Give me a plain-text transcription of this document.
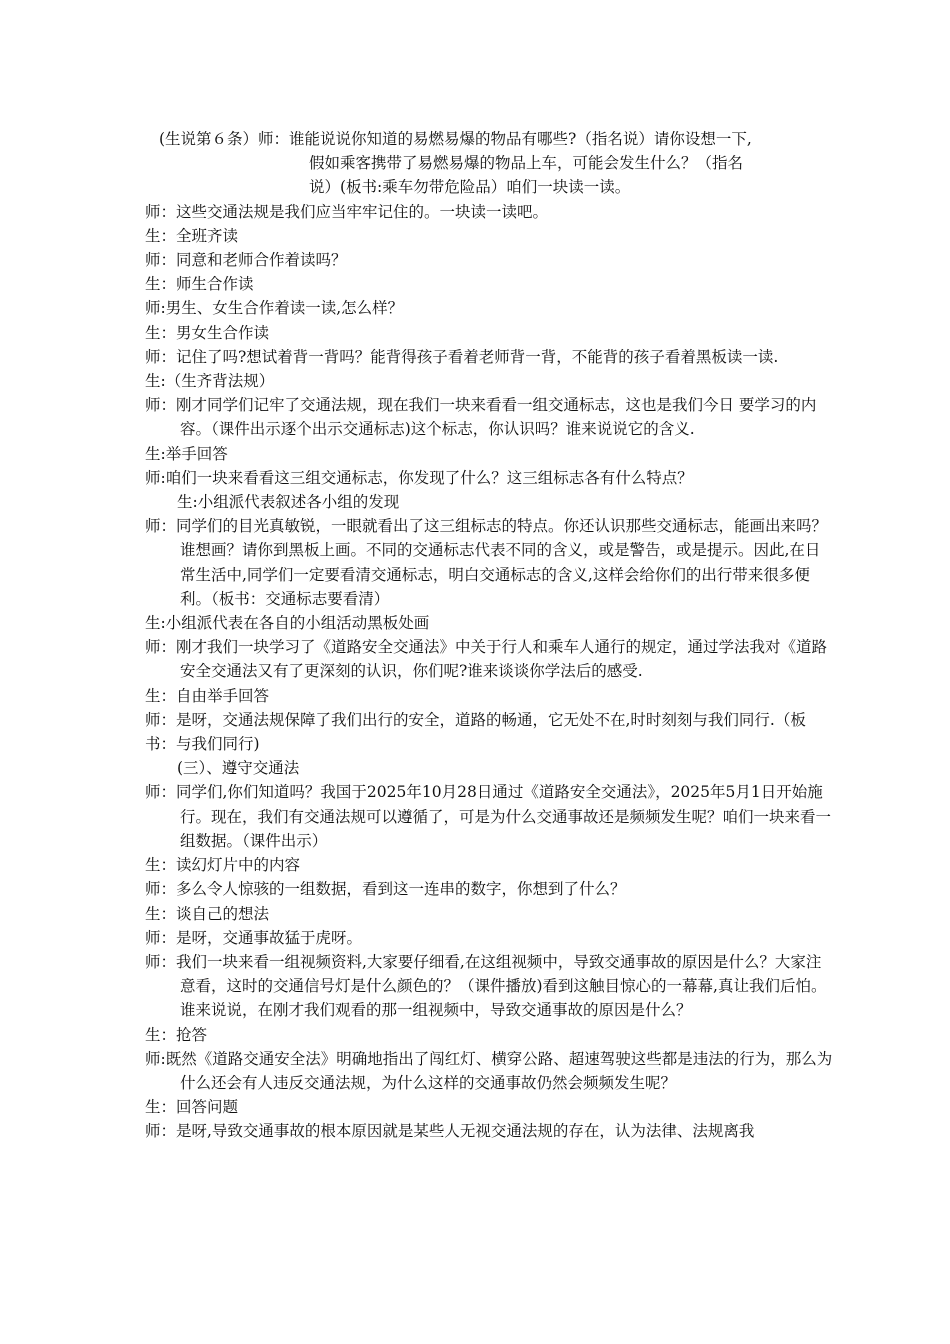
(生说第６条）师：谁能说说你知道的易燃易爆的物品有哪些?（指名说）请你设想一下,
假如乘客携带了易燃易爆的物品上车，可能会发生什么？（指名
说）(板书:乘车勿带危险品）咱们一块读一读。

师：这些交通法规是我们应当牢牢记住的。一块读一读吧。

生：全班齐读

师：同意和老师合作着读吗？

生：师生合作读

师:男生、女生合作着读一读,怎么样？

生：男女生合作读

师：记住了吗?想试着背一背吗？能背得孩子看着老师背一背，不能背的孩子看着黑板读一读.

生:（生齐背法规）

师：刚才同学们记牢了交通法规，现在我们一块来看看一组交通标志，这也是我们今日 要学习的内容。（课件出示逐个出示交通标志)这个标志，你认识吗？谁来说说它的含义.

生:举手回答

师:咱们一块来看看这三组交通标志，你发现了什么？这三组标志各有什么特点？

生:小组派代表叙述各小组的发现

师：同学们的目光真敏锐，一眼就看出了这三组标志的特点。你还认识那些交通标志，能画出来吗？谁想画？请你到黑板上画。不同的交通标志代表不同的含义，或是警告，或是提示。因此,在日常生活中,同学们一定要看清交通标志，明白交通标志的含义,这样会给你们的出行带来很多便利。（板书：交通标志要看清）

生:小组派代表在各自的小组活动黑板处画

师：刚才我们一块学习了《道路安全交通法》中关于行人和乘车人通行的规定，通过学法我对《道路安全交通法又有了更深刻的认识，你们呢?谁来谈谈你学法后的感受.

生：自由举手回答

师：是呀，交通法规保障了我们出行的安全，道路的畅通，它无处不在,时时刻刻与我们同行.（板书：与我们同行)

(三）、遵守交通法

师：同学们,你们知道吗？我国于2025年10月28日通过《道路安全交通法》，2025年5月1日开始施行。现在，我们有交通法规可以遵循了，可是为什么交通事故还是频频发生呢？咱们一块来看一组数据。（课件出示）

生：读幻灯片中的内容

师：多么令人惊骇的一组数据，看到这一连串的数字，你想到了什么？

生：谈自己的想法

师：是呀，交通事故猛于虎呀。

师：我们一块来看一组视频资料,大家要仔细看,在这组视频中，导致交通事故的原因是什么？大家注意看，这时的交通信号灯是什么颜色的？（课件播放)看到这触目惊心的一幕幕,真让我们后怕。谁来说说，在刚才我们观看的那一组视频中，导致交通事故的原因是什么？

生：抢答

师:既然《道路交通安全法》明确地指出了闯红灯、横穿公路、超速驾驶这些都是违法的行为，那么为什么还会有人违反交通法规，为什么这样的交通事故仍然会频频发生呢？

生：回答问题

师：是呀,导致交通事故的根本原因就是某些人无视交通法规的存在，认为法律、法规离我
